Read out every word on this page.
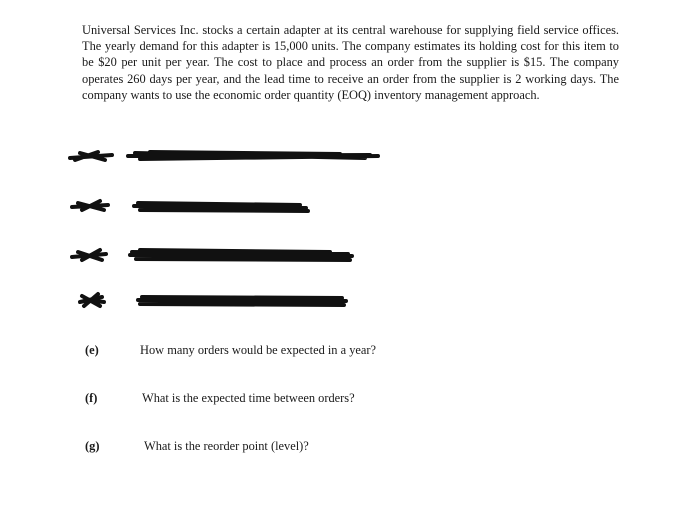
Universal Services Inc. stocks a certain adapter at its central warehouse for supplying field service offices. The yearly demand for this adapter is 15,000 units. The company estimates its holding cost for this item to be $20 per unit per year. The cost to place and process an order from the supplier is $15. The company operates 260 days per year, and the lead time to receive an order from the supplier is 2 working days. The company wants to use the economic order quantity (EOQ) inventory management approach.

(e)	How many orders would be expected in a year?
(f)	What is the expected time between orders?
(g)	What is the reorder point (level)?
